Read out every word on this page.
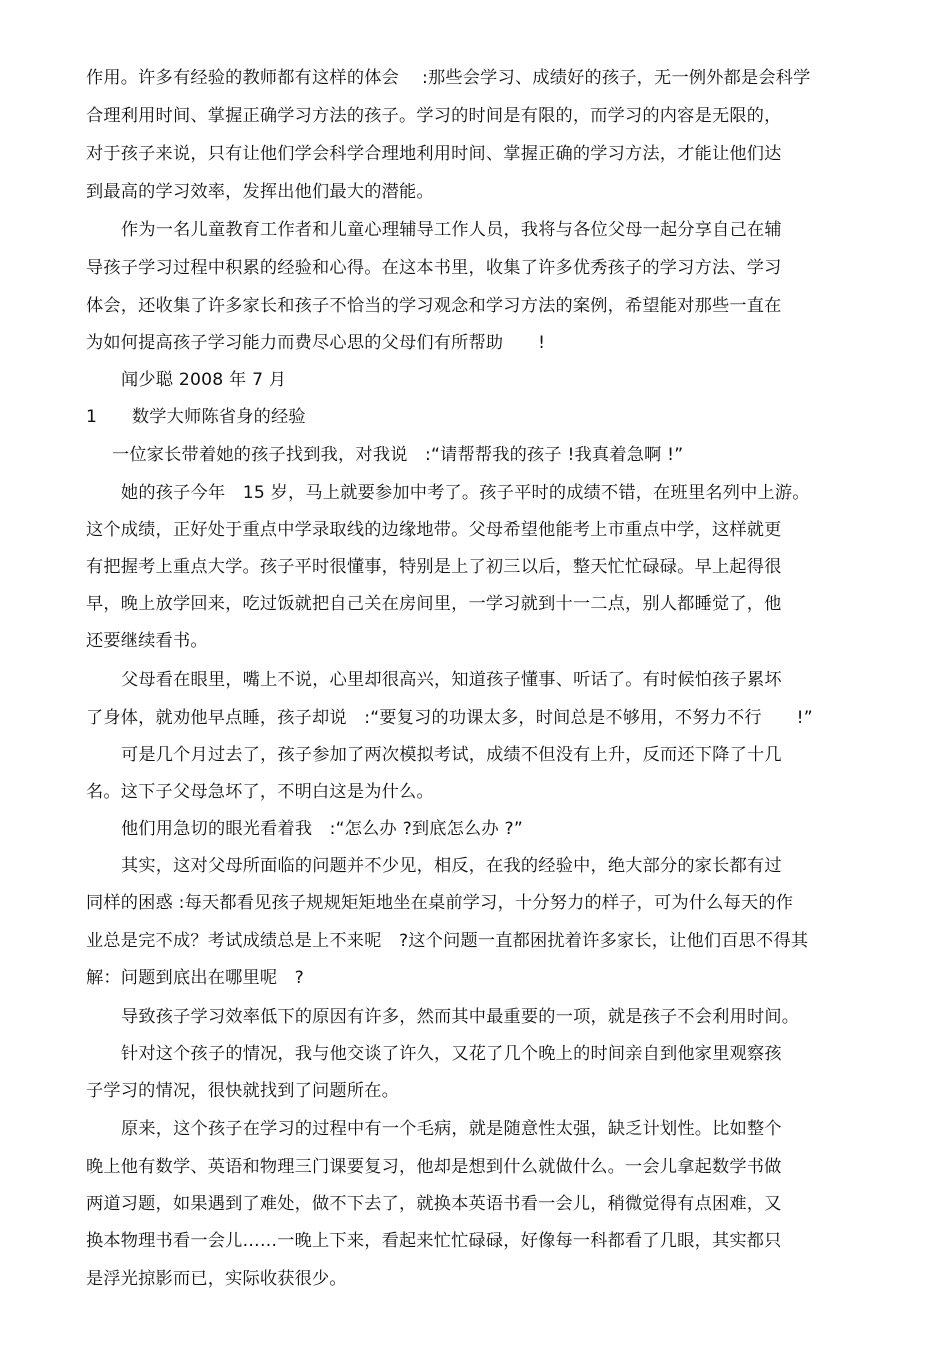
作用。许多有经验的教师都有这样的体会　 :那些会学习、成绩好的孩子，无一例外都是会科学
合理利用时间、掌握正确学习方法的孩子。学习的时间是有限的，而学习的内容是无限的，
对于孩子来说，只有让他们学会科学合理地利用时间、掌握正确的学习方法，才能让他们达
到最高的学习效率，发挥出他们最大的潜能。
作为一名儿童教育工作者和儿童心理辅导工作人员，我将与各位父母一起分享自己在辅
导孩子学习过程中积累的经验和心得。在这本书里，收集了许多优秀孩子的学习方法、学习
体会，还收集了许多家长和孩子不恰当的学习观念和学习方法的案例，希望能对那些一直在
为如何提高孩子学习能力而费尽心思的父母们有所帮助　　!
闻少聪 2008 年 7 月
1　　数学大师陈省身的经验
一位家长带着她的孩子找到我，对我说　:“请帮帮我的孩子 !我真着急啊 !”
她的孩子今年　15 岁，马上就要参加中考了。孩子平时的成绩不错，在班里名列中上游。
这个成绩，正好处于重点中学录取线的边缘地带。父母希望他能考上市重点中学，这样就更
有把握考上重点大学。孩子平时很懂事，特别是上了初三以后，整天忙忙碌碌。早上起得很
早，晚上放学回来，吃过饭就把自己关在房间里，一学习就到十一二点，别人都睡觉了，他
还要继续看书。
父母看在眼里，嘴上不说，心里却很高兴，知道孩子懂事、听话了。有时候怕孩子累坏
了身体，就劝他早点睡，孩子却说　:“要复习的功课太多，时间总是不够用，不努力不行　　!”
可是几个月过去了，孩子参加了两次模拟考试，成绩不但没有上升，反而还下降了十几
名。这下子父母急坏了，不明白这是为什么。
他们用急切的眼光看着我　:“怎么办 ?到底怎么办 ?”
其实，这对父母所面临的问题并不少见，相反，在我的经验中，绝大部分的家长都有过
同样的困惑 :每天都看见孩子规规矩矩地坐在桌前学习，十分努力的样子，可为什么每天的作
业总是完不成？考试成绩总是上不来呢　?这个问题一直都困扰着许多家长，让他们百思不得其
解：问题到底出在哪里呢　?
导致孩子学习效率低下的原因有许多，然而其中最重要的一项，就是孩子不会利用时间。
针对这个孩子的情况，我与他交谈了许久，又花了几个晚上的时间亲自到他家里观察孩
子学习的情况，很快就找到了问题所在。
原来，这个孩子在学习的过程中有一个毛病，就是随意性太强，缺乏计划性。比如整个
晚上他有数学、英语和物理三门课要复习，他却是想到什么就做什么。一会儿拿起数学书做
两道习题，如果遇到了难处，做不下去了，就换本英语书看一会儿，稍微觉得有点困难，又
换本物理书看一会儿……一晚上下来，看起来忙忙碌碌，好像每一科都看了几眼，其实都只
是浮光掠影而已，实际收获很少。
